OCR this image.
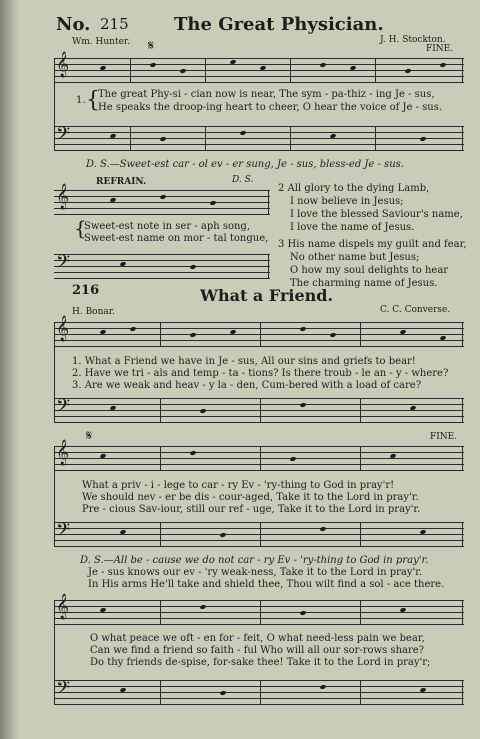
No. 215	The Great Physician.
Wm. Hunter.	J. H. Stockton.
𝄋	FINE.
𝄞
1. {
The great Phy-si - cian now is near, The sym - pa-thiz - ing Je - sus,
He speaks the droop-ing heart to cheer, O hear the voice of Je - sus.
𝄢
D. S.—Sweet-est car - ol ev - er sung, Je - sus, bless-ed Je - sus.
REFRAIN.	D. S.
𝄞
{
Sweet-est note in ser - aph song,
Sweet-est name on mor - tal tongue,
𝄢
2 All glory to the dying Lamb,
I now believe in Jesus;
I love the blessed Saviour's name,
I love the name of Jesus.
3 His name dispels my guilt and fear,
No other name but Jesus;
O how my soul delights to hear
The charming name of Jesus.
216	What a Friend.
H. Bonar.	C. C. Converse.
𝄞
1. What a Friend we have in Je - sus, All our sins and griefs to bear!
2. Have we tri - als and temp - ta - tions? Is there troub - le an - y - where?
3. Are we weak and heav - y la - den, Cum-bered with a load of care?
𝄢
𝄋	FINE.
𝄞
What a priv - i - lege to car - ry Ev - 'ry-thing to God in pray'r!
We should nev - er be dis - cour-aged, Take it to the Lord in pray'r.
Pre - cious Sav-iour, still our ref - uge, Take it to the Lord in pray'r.
𝄢
D. S.—All be - cause we do not car - ry Ev - 'ry-thing to God in pray'r.
Je - sus knows our ev - 'ry weak-ness, Take it to the Lord in pray'r.
In His arms He'll take and shield thee, Thou wilt find a sol - ace there.
𝄞
O what peace we oft - en for - feit, O what need-less pain we bear,
Can we find a friend so faith - ful Who will all our sor-rows share?
Do thy friends de-spise, for-sake thee! Take it to the Lord in pray'r;
𝄢
